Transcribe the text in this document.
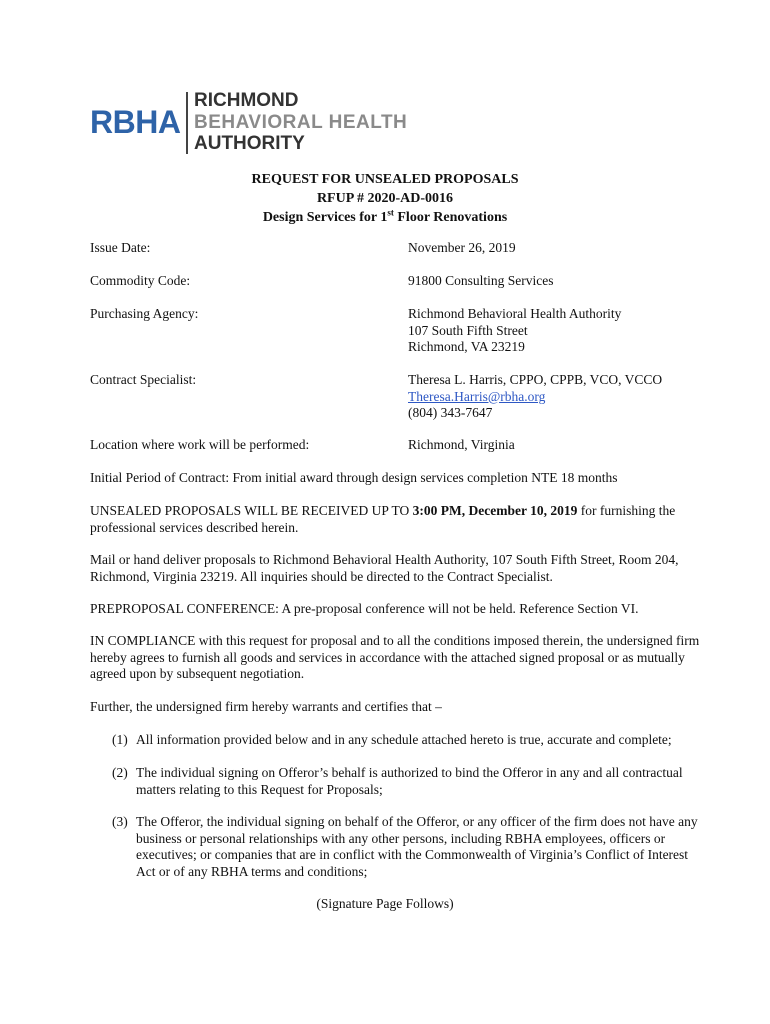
RBHA
RICHMOND
BEHAVIORAL HEALTH
AUTHORITY
REQUEST FOR UNSEALED PROPOSALS
RFUP # 2020-AD-0016
Design Services for 1st Floor Renovations
Issue Date:	November 26, 2019
Commodity Code:	91800 Consulting Services
Purchasing Agency:	Richmond Behavioral Health Authority
107 South Fifth Street
Richmond, VA 23219
Contract Specialist:	Theresa L. Harris, CPPO, CPPB, VCO, VCCO
Theresa.Harris@rbha.org
(804) 343-7647
Location where work will be performed:	Richmond, Virginia
Initial Period of Contract: From initial award through design services completion NTE 18 months
UNSEALED PROPOSALS WILL BE RECEIVED UP TO 3:00 PM, December 10, 2019 for furnishing the professional services described herein.
Mail or hand deliver proposals to Richmond Behavioral Health Authority, 107 South Fifth Street, Room 204, Richmond, Virginia 23219. All inquiries should be directed to the Contract Specialist.
PREPROPOSAL CONFERENCE: A pre-proposal conference will not be held. Reference Section VI.
IN COMPLIANCE with this request for proposal and to all the conditions imposed therein, the undersigned firm hereby agrees to furnish all goods and services in accordance with the attached signed proposal or as mutually agreed upon by subsequent negotiation.
Further, the undersigned firm hereby warrants and certifies that –
(1) All information provided below and in any schedule attached hereto is true, accurate and complete;
(2) The individual signing on Offeror’s behalf is authorized to bind the Offeror in any and all contractual matters relating to this Request for Proposals;
(3) The Offeror, the individual signing on behalf of the Offeror, or any officer of the firm does not have any business or personal relationships with any other persons, including RBHA employees, officers or executives; or companies that are in conflict with the Commonwealth of Virginia’s Conflict of Interest Act or of any RBHA terms and conditions;
(Signature Page Follows)
